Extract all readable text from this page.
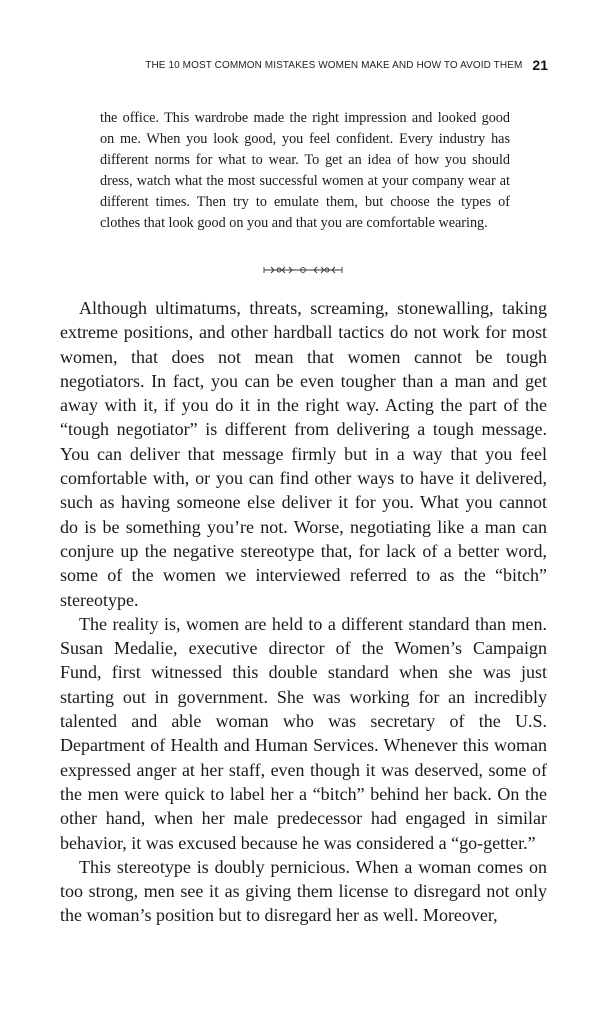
THE 10 MOST COMMON MISTAKES WOMEN MAKE AND HOW TO AVOID THEM 21

the office. This wardrobe made the right impression and looked good on me. When you look good, you feel confident. Every industry has different norms for what to wear. To get an idea of how you should dress, watch what the most successful women at your company wear at different times. Then try to emulate them, but choose the types of clothes that look good on you and that you are comfortable wearing.

Although ultimatums, threats, screaming, stonewalling, taking extreme positions, and other hardball tactics do not work for most women, that does not mean that women cannot be tough negotiators. In fact, you can be even tougher than a man and get away with it, if you do it in the right way. Acting the part of the “tough negotiator” is different from delivering a tough message. You can deliver that message firmly but in a way that you feel comfortable with, or you can find other ways to have it delivered, such as having someone else deliver it for you. What you cannot do is be something you’re not. Worse, negotiating like a man can conjure up the negative stereotype that, for lack of a better word, some of the women we interviewed referred to as the “bitch” stereotype.

The reality is, women are held to a different standard than men. Susan Medalie, executive director of the Women’s Campaign Fund, first witnessed this double standard when she was just starting out in government. She was working for an incredibly talented and able woman who was secretary of the U.S. Department of Health and Human Services. Whenever this woman expressed anger at her staff, even though it was deserved, some of the men were quick to label her a “bitch” behind her back. On the other hand, when her male predecessor had engaged in similar behavior, it was excused because he was considered a “go-getter.”

This stereotype is doubly pernicious. When a woman comes on too strong, men see it as giving them license to disregard not only the woman’s position but to disregard her as well. Moreover,
